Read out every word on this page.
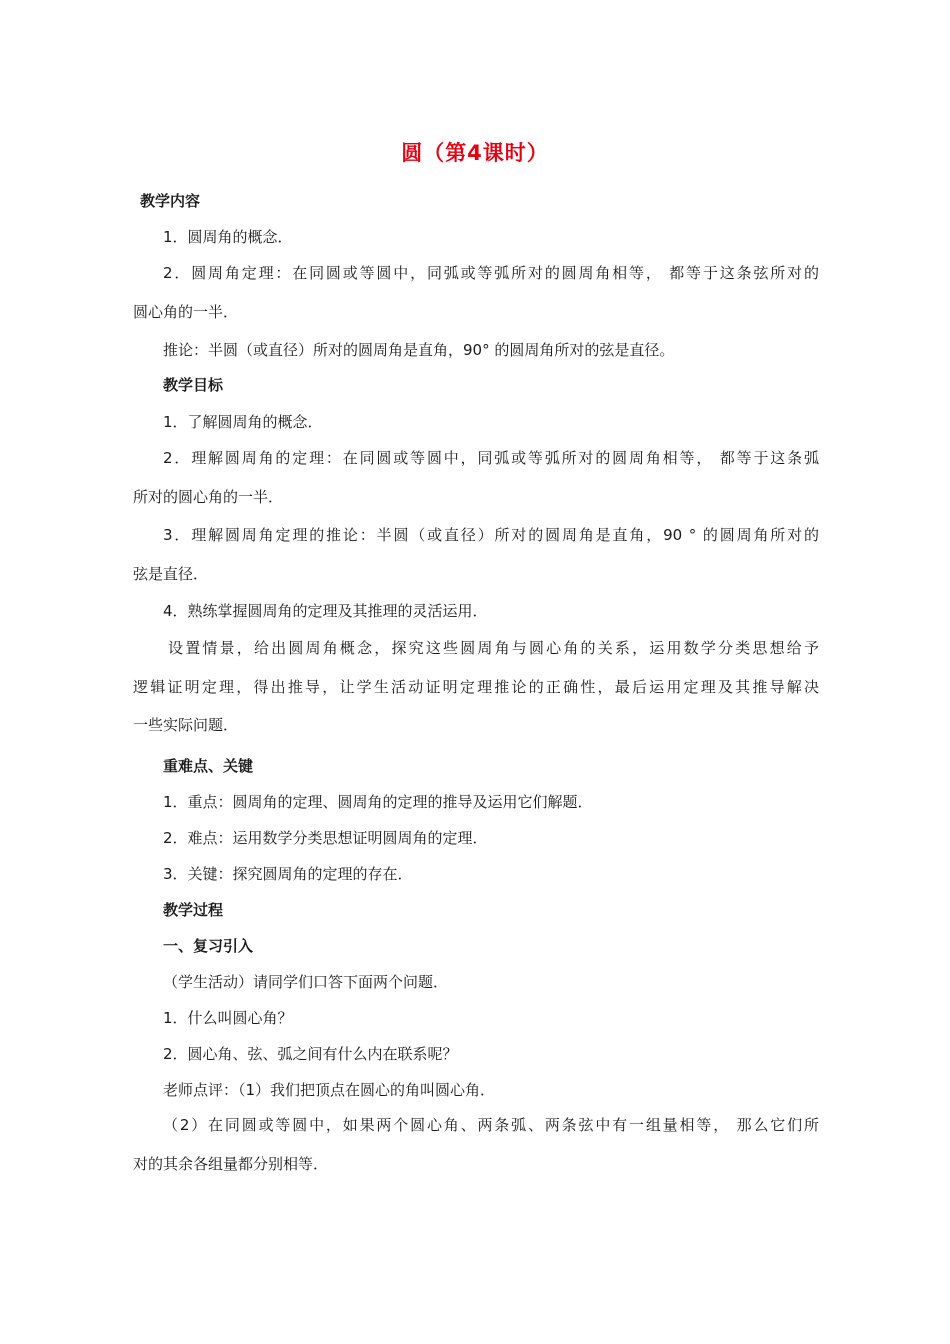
圆（第4课时）
教学内容
1．圆周角的概念．
2．圆周角定理：在同圆或等圆中，同弧或等弧所对的圆周角相等， 都等于这条弦所对的
圆心角的一半．
推论：半圆（或直径）所对的圆周角是直角，90° 的圆周角所对的弦是直径。
教学目标
1．了解圆周角的概念．
2．理解圆周角的定理：在同圆或等圆中，同弧或等弧所对的圆周角相等， 都等于这条弧
所对的圆心角的一半．
3．理解圆周角定理的推论：半圆（或直径）所对的圆周角是直角，90 ° 的圆周角所对的
弦是直径．
4．熟练掌握圆周角的定理及其推理的灵活运用．
设置情景，给出圆周角概念，探究这些圆周角与圆心角的关系，运用数学分类思想给予
逻辑证明定理，得出推导，让学生活动证明定理推论的正确性，最后运用定理及其推导解决
一些实际问题．
重难点、关键
1．重点：圆周角的定理、圆周角的定理的推导及运用它们解题．
2．难点：运用数学分类思想证明圆周角的定理．
3．关键：探究圆周角的定理的存在．
教学过程
一、复习引入
（学生活动）请同学们口答下面两个问题．
1．什么叫圆心角？
2．圆心角、弦、弧之间有什么内在联系呢？
老师点评：（1）我们把顶点在圆心的角叫圆心角．
（2）在同圆或等圆中，如果两个圆心角、两条弧、两条弦中有一组量相等， 那么它们所
对的其余各组量都分别相等．
